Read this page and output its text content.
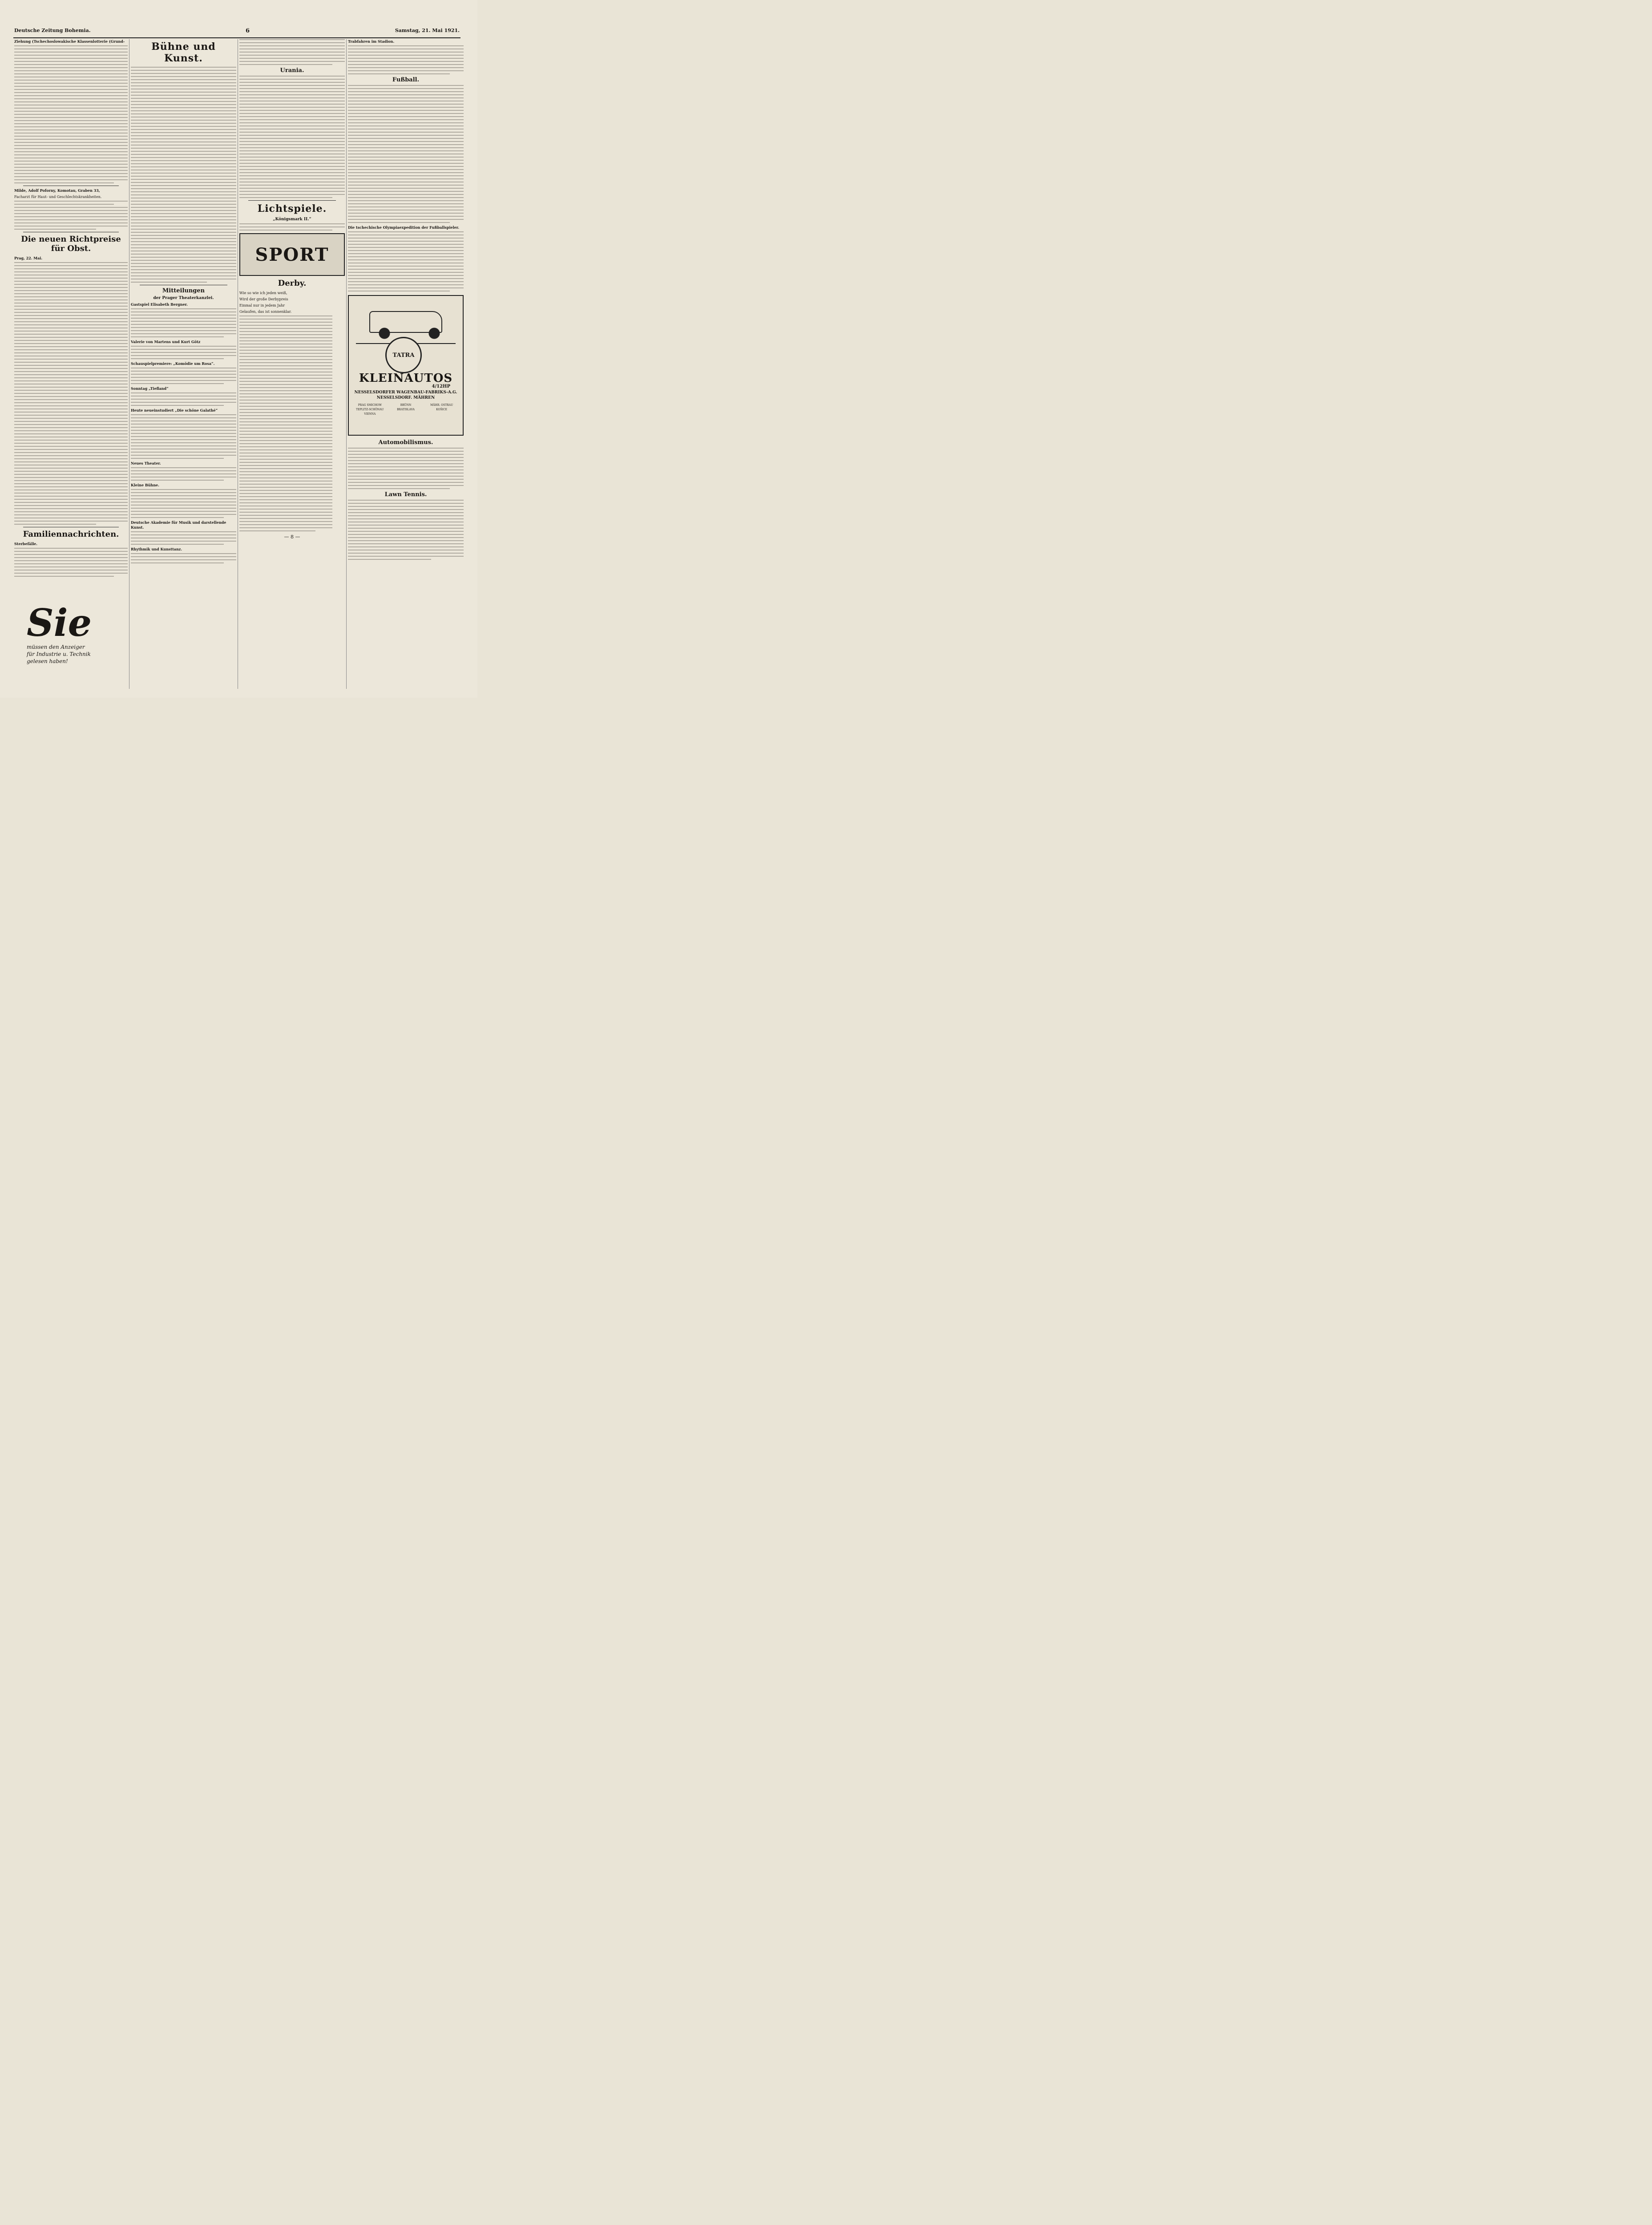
Deutsche Zeitung Bohemia.	6	Samstag, 21. Mai 1921.
Ziehung (Tschechoslowakische Klassenlotterie (Grund-
Milde, Adolf Poforny, Komotau, Graben 33,
Facharzt für Haut- und Geschlechtskrankheiten.
Die neuen Richtpreise für Obst.
Prag, 22. Mai.
Familiennachrichten.
Sterbefälle.
Sie
müssen den Anzeiger
für Industrie u. Technik
gelesen haben!
Bühne und Kunst.
Mitteilungen
der Prager Theaterkanzlei.
Gastspiel Elisabeth Bergner.
Valerie von Martens und Kurt Götz
Schauspielpremiere: „Komödie um Rosa“.
Sonntag „Tiefland“
Heute neueinstudiert „Die schöne Galathé“
Neues Theater.
Kleine Bühne.
Deutsche Akademie für Musik und darstellende Kunst.
Rhythmik und Kunsttanz.
Urania.
Lichtspiele.
„Königsmark II.“
SPORT
Derby.
Wie so wie ich jeden weiß,
Wird der große Derbypreis
Einmal nur in jedem Jahr
Gelaufen, das ist sonnenklar.
— 8 —
Trabfahren im Stadion.
Fußball.
Die tschechische Olympiaexpedition der Fußballspieler.
TATRA
KLEINAUTOS
4/12HP
NESSELSDORFER WAGENBAU-FABRIKS-A.G.
NESSELSDORF. MÄHREN
PRAG SMICHOW	BRÜNN	MÄHR. OSTRAU
TEPLITZ-SCHÖNAU	BRATISLAVA	KOŠICE
VIENNA
Automobilismus.
Lawn Tennis.
